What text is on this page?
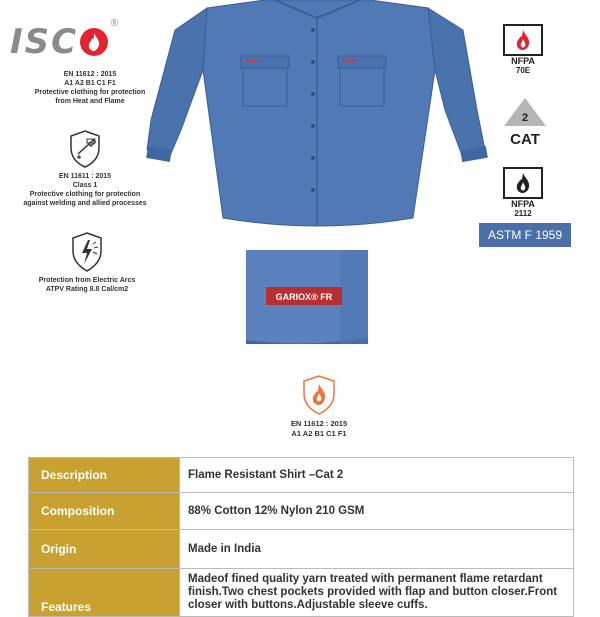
ISC	®
EN 11612 : 2015
A1 A2 B1 C1 F1
Protective clothing for protection
from Heat and Flame
EN 11611 : 2015
Class 1
Protective clothing for protection
against welding and allied processes
Protection from Electric Arcs
ATPV Rating 8.8 Cal/cm2
NFPA
70E
2
CAT
NFPA
2112
ASTM F 1959
GARIOX® FR
EN 11612 : 2015
A1 A2 B1 C1 F1
Description	Flame Resistant Shirt –Cat 2
Composition	88% Cotton 12% Nylon 210 GSM
Origin	Made in India
Features	Madeof fined quality yarn treated with permanent flame retardant finish.Two chest pockets provided with flap and button closer.Front closer with buttons.Adjustable sleeve cuffs.
